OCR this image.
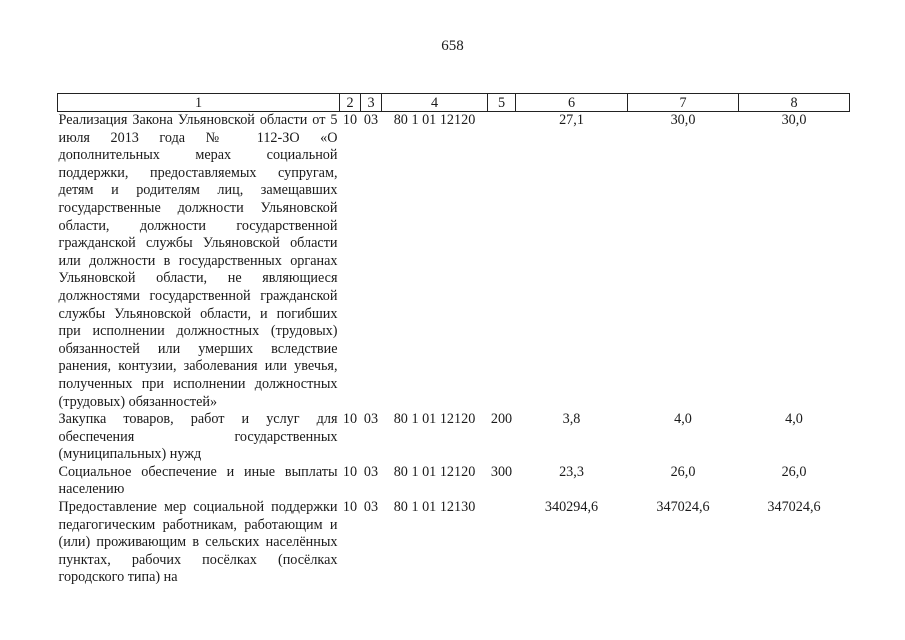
658
1	2	3	4	5	6	7	8
Реализация Закона Ульяновской области от 5 июля 2013 года № 112-ЗО «О дополнительных мерах социальной поддержки, предоставляемых супругам, детям и родителям лиц, замещавших государственные должности Ульяновской области, должности государственной гражданской службы Ульяновской области или должности в государственных органах Ульяновской области, не являющиеся должностями государственной гражданской службы Ульяновской области, и погибших при исполнении должностных (трудовых) обязанностей или умерших вследствие ранения, контузии, заболевания или увечья, полученных при исполнении должностных (трудовых) обязанностей»	10	03	80 1 01 12120		27,1	30,0	30,0
Закупка товаров, работ и услуг для обеспечения государственных (муниципальных) нужд	10	03	80 1 01 12120	200	3,8	4,0	4,0
Социальное обеспечение и иные выплаты населению	10	03	80 1 01 12120	300	23,3	26,0	26,0
Предоставление мер социальной поддержки педагогическим работникам, работающим и (или) проживающим в сельских населённых пунктах, рабочих посёлках (посёлках городского типа) на	10	03	80 1 01 12130		340294,6	347024,6	347024,6
